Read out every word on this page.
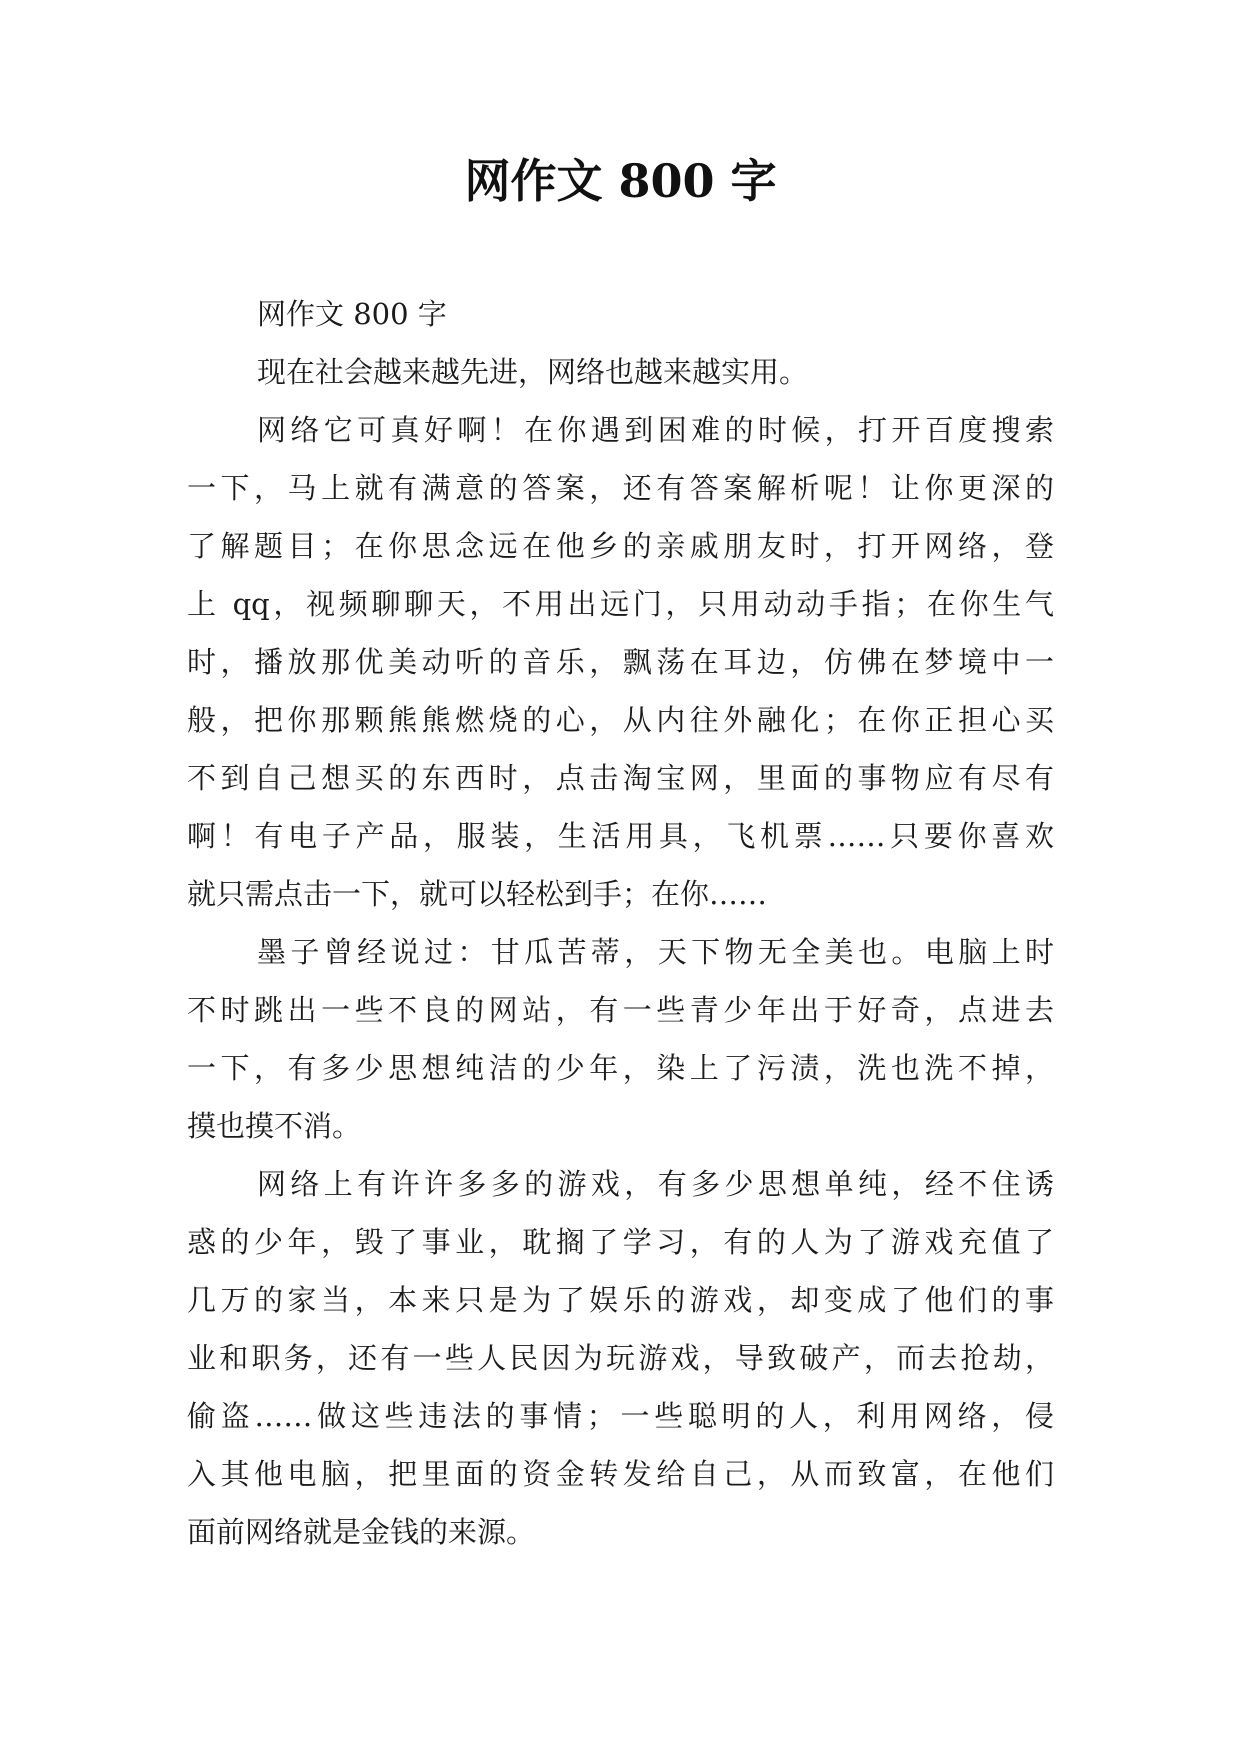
网作文 800 字
网作文 800 字
现在社会越来越先进，网络也越来越实用。
网络它可真好啊！在你遇到困难的时候，打开百度搜索
一下，马上就有满意的答案，还有答案解析呢！让你更深的
了解题目；在你思念远在他乡的亲戚朋友时，打开网络，登
上 qq，视频聊聊天，不用出远门，只用动动手指；在你生气
时，播放那优美动听的音乐，飘荡在耳边，仿佛在梦境中一
般，把你那颗熊熊燃烧的心，从内往外融化；在你正担心买
不到自己想买的东西时，点击淘宝网，里面的事物应有尽有
啊！有电子产品，服装，生活用具，飞机票……只要你喜欢
就只需点击一下，就可以轻松到手；在你……
墨子曾经说过：甘瓜苦蒂，天下物无全美也。电脑上时
不时跳出一些不良的网站，有一些青少年出于好奇，点进去
一下，有多少思想纯洁的少年，染上了污渍，洗也洗不掉，
摸也摸不消。
网络上有许许多多的游戏，有多少思想单纯，经不住诱
惑的少年，毁了事业，耽搁了学习，有的人为了游戏充值了
几万的家当，本来只是为了娱乐的游戏，却变成了他们的事
业和职务，还有一些人民因为玩游戏，导致破产，而去抢劫，
偷盗……做这些违法的事情；一些聪明的人，利用网络，侵
入其他电脑，把里面的资金转发给自己，从而致富，在他们
面前网络就是金钱的来源。
